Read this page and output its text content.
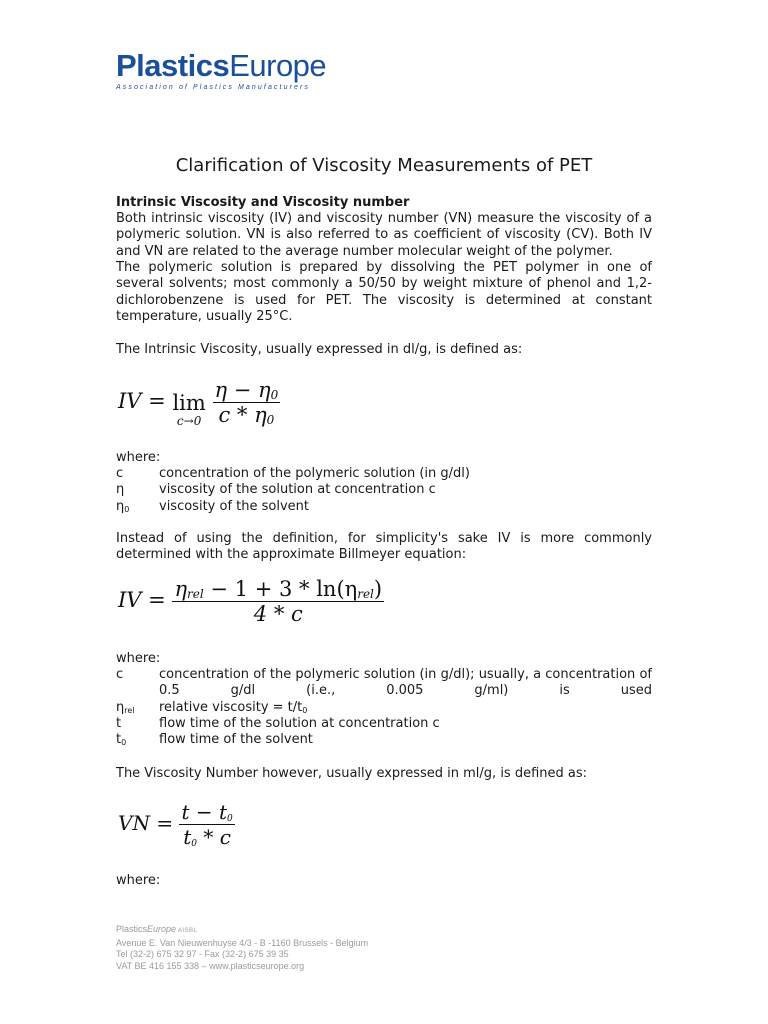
PlasticsEurope
Association of Plastics Manufacturers
Clarification of Viscosity Measurements of PET
Intrinsic Viscosity and Viscosity number
Both intrinsic viscosity (IV) and viscosity number (VN) measure the viscosity of a polymeric solution. VN is also referred to as coefficient of viscosity (CV). Both IV and VN are related to the average number molecular weight of the polymer.
The polymeric solution is prepared by dissolving the PET polymer in one of several solvents; most commonly a 50/50 by weight mixture of phenol and 1,2-dichlorobenzene is used for PET. The viscosity is determined at constant temperature, usually 25°C.
The Intrinsic Viscosity, usually expressed in dl/g, is defined as:
IV = lim
c→0
$\frac{\eta - \eta_0}{c * \eta_0}$
where:
c	concentration of the polymeric solution (in g/dl)
η	viscosity of the solution at concentration c
$\eta_0$	viscosity of the solvent
Instead of using the definition, for simplicity's sake IV is more commonly determined with the approximate Billmeyer equation:
IV = $\frac{\eta_{rel} - 1 + 3 * \ln(\eta_{rel})}{4 * c}$
where:
c	concentration of the polymeric solution (in g/dl); usually, a concentration of 0.5 g/dl (i.e., 0.005 g/ml) is used
$\eta_{rel}$	relative viscosity = $t/t_0$
t	flow time of the solution at concentration c
$t_0$	flow time of the solvent
The Viscosity Number however, usually expressed in ml/g, is defined as:
VN = $\frac{t - t_0}{t_0 * c}$
where:
PlasticsEurope AISBL
Avenue E. Van Nieuwenhuyse 4/3 - B -1160 Brussels - Belgium
Tel (32-2) 675 32 97 - Fax (32-2) 675 39 35
VAT BE 416 155 338 – www.plasticseurope.org
